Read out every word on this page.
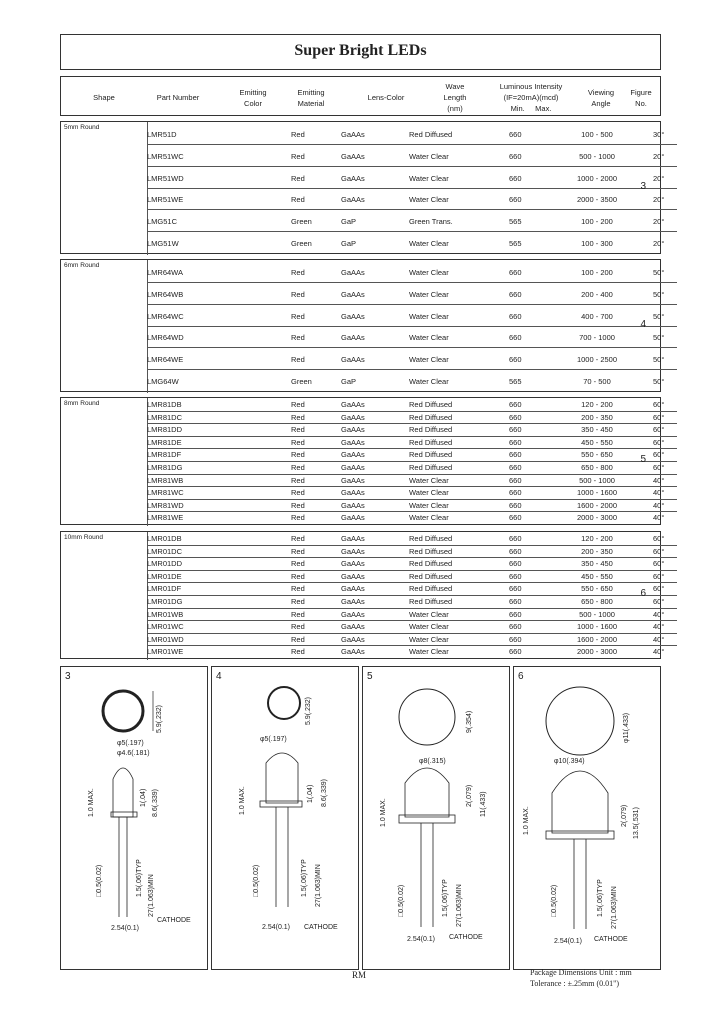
Super Bright LEDs
Shape	Part Number
Emitting
Color
Emitting
Material
Lens-Color
Wave
Length
(nm)
Luminous Intensity
(IF=20mA)(mcd)
Min.     Max.
Viewing
Angle
Figure
No.
5mm Round
LMR51D	Red	GaAAs	Red Diffused	660	100 - 500	30°
LMR51WC	Red	GaAAs	Water Clear	660	500 - 1000	20°
LMR51WD	Red	GaAAs	Water Clear	660	1000 - 2000	20°
LMR51WE	Red	GaAAs	Water Clear	660	2000 - 3500	20°
LMG51C	Green	GaP	Green Trans.	565	100 - 200	20°
LMG51W	Green	GaP	Water Clear	565	100 - 300	20°
3
6mm Round
LMR64WA	Red	GaAAs	Water Clear	660	100 - 200	50°
LMR64WB	Red	GaAAs	Water Clear	660	200 - 400	50°
LMR64WC	Red	GaAAs	Water Clear	660	400 - 700	50°
LMR64WD	Red	GaAAs	Water Clear	660	700 - 1000	50°
LMR64WE	Red	GaAAs	Water Clear	660	1000 - 2500	50°
LMG64W	Green	GaP	Water Clear	565	70 - 500	50°
4
8mm Round	LMR81DB	Red	GaAAs	Red Diffused	660	120 - 200	60°
LMR81DC	Red	GaAAs	Red Diffused	660	200 - 350	60°
LMR81DD	Red	GaAAs	Red Diffused	660	350 - 450	60°
LMR81DE	Red	GaAAs	Red Diffused	660	450 - 550	60°
LMR81DF	Red	GaAAs	Red Diffused	660	550 - 650	60°
LMR81DG	Red	GaAAs	Red Diffused	660	650 - 800	60°
LMR81WB	Red	GaAAs	Water Clear	660	500 - 1000	40°
LMR81WC	Red	GaAAs	Water Clear	660	1000 - 1600	40°
LMR81WD	Red	GaAAs	Water Clear	660	1600 - 2000	40°
LMR81WE	Red	GaAAs	Water Clear	660	2000 - 3000	40°
5
10mm Round	LMR01DB	Red	GaAAs	Red Diffused	660	120 - 200	60°
LMR01DC	Red	GaAAs	Red Diffused	660	200 - 350	60°
LMR01DD	Red	GaAAs	Red Diffused	660	350 - 450	60°
LMR01DE	Red	GaAAs	Red Diffused	660	450 - 550	60°
LMR01DF	Red	GaAAs	Red Diffused	660	550 - 650	60°
LMR01DG	Red	GaAAs	Red Diffused	660	650 - 800	60°
LMR01WB	Red	GaAAs	Water Clear	660	500 - 1000	40°
LMR01WC	Red	GaAAs	Water Clear	660	1000 - 1600	40°
LMR01WD	Red	GaAAs	Water Clear	660	1600 - 2000	40°
LMR01WE	Red	GaAAs	Water Clear	660	2000 - 3000	40°
6
3
5.9(.232)
φ5(.197)
φ4.6(.181)
8.6(.339)
1(.04)
1.0 MAX.
□0.5(0.02)	1.5(.06)TYP 27(1.063)MIN
2.54(0.1)
CATHODE
4
5.9(.232)
φ5(.197)
8.6(.339)
1(.04)
1.0 MAX.
□0.5(0.02)	1.5(.06)TYP 27(1.063)MIN
2.54(0.1) CATHODE
5
9(.354)
φ8(.315)
11(.433)
2(.079)
1.0 MAX.
□0.5(0.02)	1.5(.06)TYP 27(1.063)MIN
2.54(0.1) CATHODE
6
φ11(.433)
φ10(.394)
13.5(.531)
2(.079)
1.0 MAX.
□0.5(0.02)	1.5(.06)TYP 27(1.063)MIN
2.54(0.1) CATHODE
RM	Package Dimensions Unit : mm
Tolerance : ±.25mm (0.01")
